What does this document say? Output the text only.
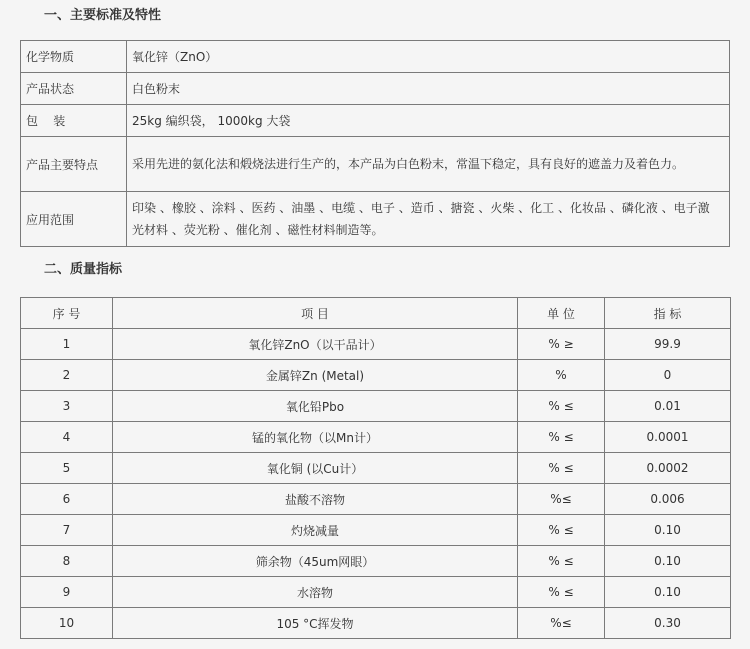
一、主要标准及特性
化学物质	氧化锌（ZnO）
产品状态	白色粉末
包    装	25kg 编织袋， 1000kg 大袋
产品主要特点	采用先进的氨化法和煅烧法进行生产的，本产品为白色粉末，常温下稳定，具有良好的遮盖力及着色力。
应用范围	印染 、橡胶 、涂料 、医药 、油墨 、电缆 、电子 、造币 、搪瓷 、火柴 、化工 、化妆品 、磷化液 、电子激光材料 、荧光粉 、催化剂 、磁性材料制造等。
二、质量指标
序 号	项 目	单 位	指 标
1	氧化锌ZnO（以干品计）	% ≥	99.9
2	金属锌Zn (Metal)	%	0
3	氧化铅Pbo	% ≤	0.01
4	锰的氧化物（以Mn计）	% ≤	0.0001
5	氧化铜 (以Cu计）	% ≤	0.0002
6	盐酸不溶物	%≤	0.006
7	灼烧减量	% ≤	0.10
8	筛余物（45um网眼）	% ≤	0.10
9	水溶物	% ≤	0.10
10	105 °C挥发物	%≤	0.30
